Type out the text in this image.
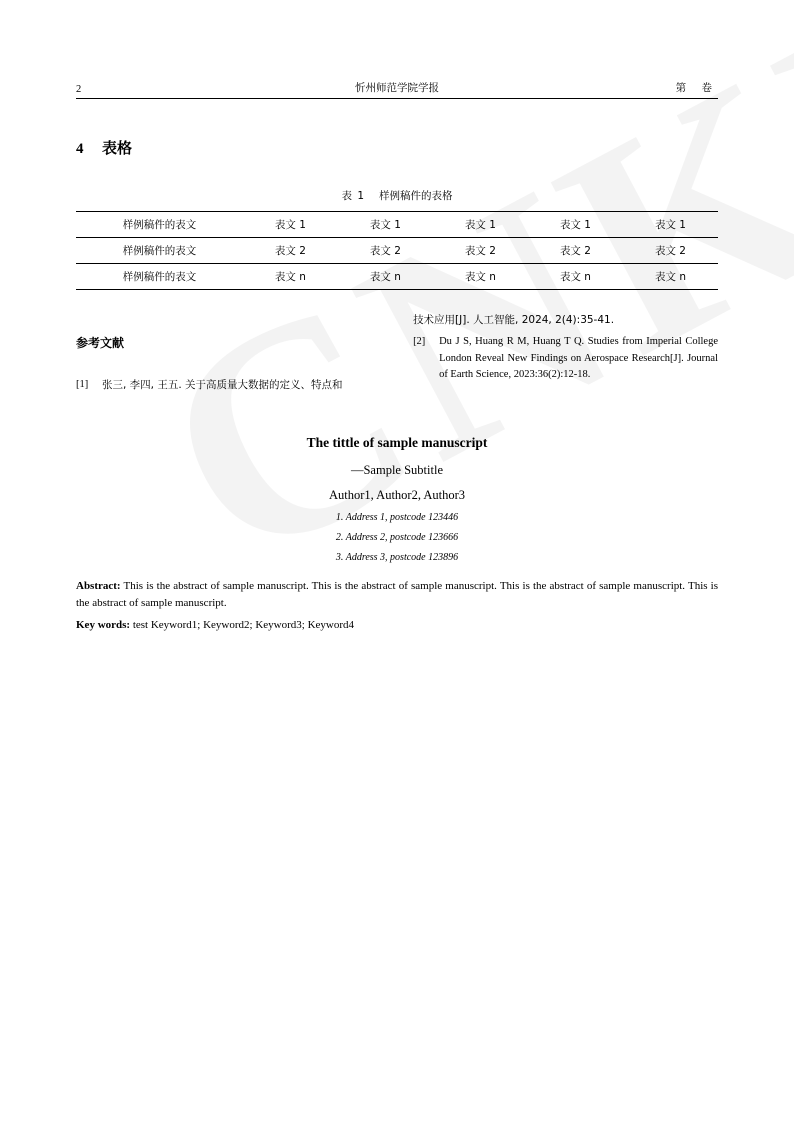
2	忻州师范学院学报	第 卷
4 表格
表 1 样例稿件的表格
样例稿件的表文	表文 1	表文 1	表文 1	表文 1	表文 1
样例稿件的表文	表文 2	表文 2	表文 2	表文 2	表文 2
样例稿件的表文	表文 n	表文 n	表文 n	表文 n	表文 n
参考文献
[1]	张三, 李四, 王五. 关于高质量大数据的定义、特点和
技术应用[J]. 人工智能, 2024, 2(4):35-41.
[2]	Du J S, Huang R M, Huang T Q. Studies from Imperial College London Reveal New Findings on Aerospace Research[J]. Journal of Earth Science, 2023:36(2):12-18.
The tittle of sample manuscript
—Sample Subtitle
Author1, Author2, Author3
1. Address 1, postcode 123446
2. Address 2, postcode 123666
3. Address 3, postcode 123896
Abstract: This is the abstract of sample manuscript. This is the abstract of sample manuscript. This is the abstract of sample manuscript. This is the abstract of sample manuscript.
Key words: test Keyword1; Keyword2; Keyword3; Keyword4
